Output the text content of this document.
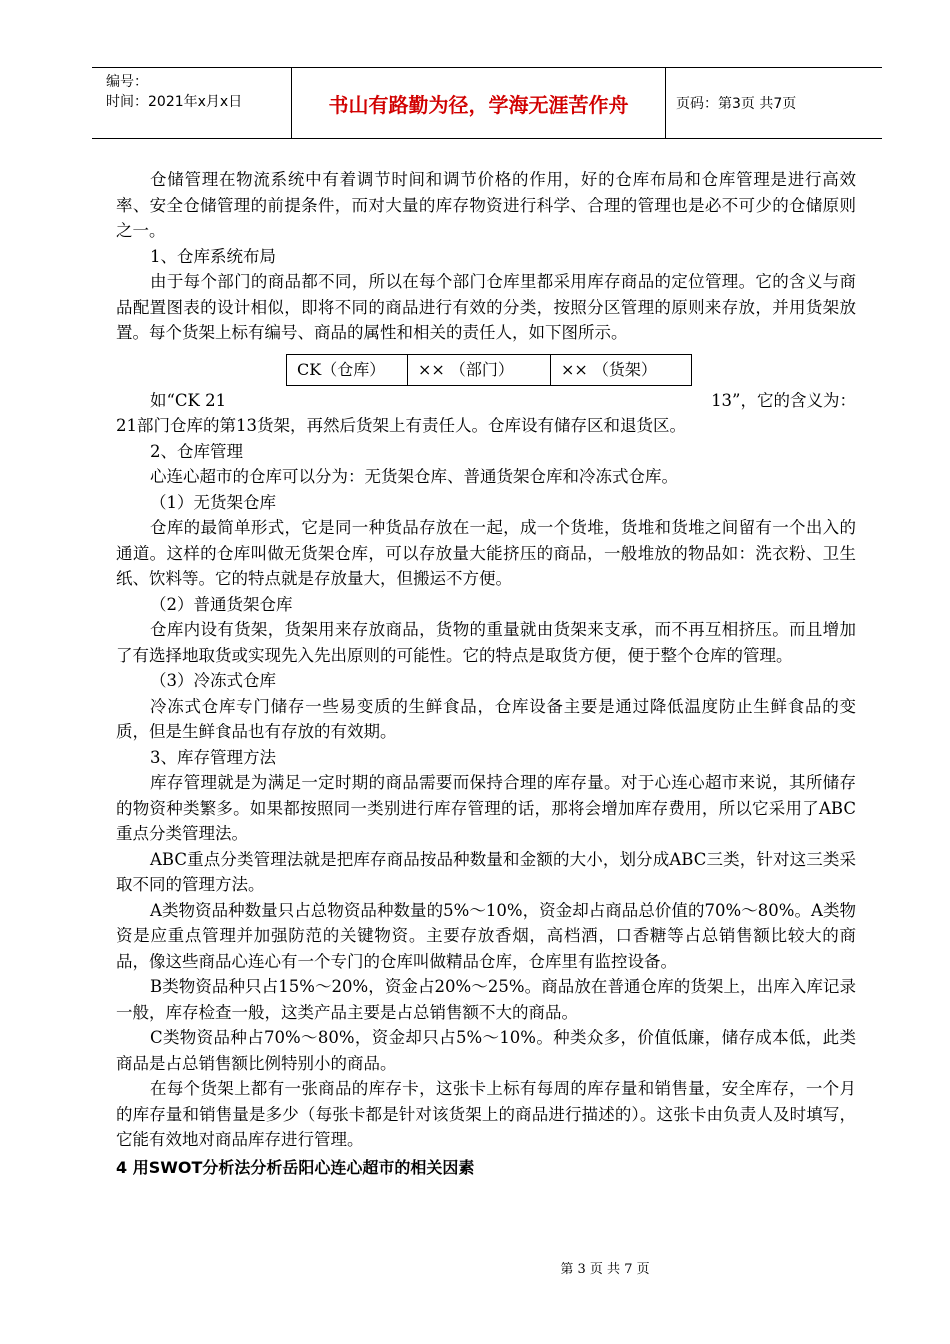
编号：
时间：2021年x月x日	书山有路勤为径，学海无涯苦作舟	页码：第3页 共7页

仓储管理在物流系统中有着调节时间和调节价格的作用，好的仓库布局和仓库管理是进行高效率、安全仓储管理的前提条件，而对大量的库存物资进行科学、合理的管理也是必不可少的仓储原则之一。

1、仓库系统布局

由于每个部门的商品都不同，所以在每个部门仓库里都采用库存商品的定位管理。它的含义与商品配置图表的设计相似，即将不同的商品进行有效的分类，按照分区管理的原则来存放，并用货架放置。每个货架上标有编号、商品的属性和相关的责任人，如下图所示。

CK（仓库）	×× （部门）	×× （货架）

如“CK 21	13”，它的含义为：

21部门仓库的第13货架，再然后货架上有责任人。仓库设有储存区和退货区。

2、仓库管理

心连心超市的仓库可以分为：无货架仓库、普通货架仓库和冷冻式仓库。

（1）无货架仓库

仓库的最简单形式，它是同一种货品存放在一起，成一个货堆，货堆和货堆之间留有一个出入的通道。这样的仓库叫做无货架仓库，可以存放量大能挤压的商品，一般堆放的物品如：洗衣粉、卫生纸、饮料等。它的特点就是存放量大，但搬运不方便。

（2）普通货架仓库

仓库内设有货架，货架用来存放商品，货物的重量就由货架来支承，而不再互相挤压。而且增加了有选择地取货或实现先入先出原则的可能性。它的特点是取货方便，便于整个仓库的管理。

（3）冷冻式仓库

冷冻式仓库专门储存一些易变质的生鲜食品，仓库设备主要是通过降低温度防止生鲜食品的变质，但是生鲜食品也有存放的有效期。

3、库存管理方法

库存管理就是为满足一定时期的商品需要而保持合理的库存量。对于心连心超市来说，其所储存的物资种类繁多。如果都按照同一类别进行库存管理的话，那将会增加库存费用，所以它采用了ABC重点分类管理法。

ABC重点分类管理法就是把库存商品按品种数量和金额的大小，划分成ABC三类，针对这三类采取不同的管理方法。

A类物资品种数量只占总物资品种数量的5%～10%，资金却占商品总价值的70%～80%。A类物资是应重点管理并加强防范的关键物资。主要存放香烟，高档酒，口香糖等占总销售额比较大的商品，像这些商品心连心有一个专门的仓库叫做精品仓库，仓库里有监控设备。

B类物资品种只占15%～20%，资金占20%～25%。商品放在普通仓库的货架上，出库入库记录一般，库存检查一般，这类产品主要是占总销售额不大的商品。

C类物资品种占70%～80%，资金却只占5%～10%。种类众多，价值低廉，储存成本低，此类商品是占总销售额比例特别小的商品。

在每个货架上都有一张商品的库存卡，这张卡上标有每周的库存量和销售量，安全库存，一个月的库存量和销售量是多少（每张卡都是针对该货架上的商品进行描述的）。这张卡由负责人及时填写，它能有效地对商品库存进行管理。

4 用SWOT分析法分析岳阳心连心超市的相关因素

第 3 页 共 7 页
